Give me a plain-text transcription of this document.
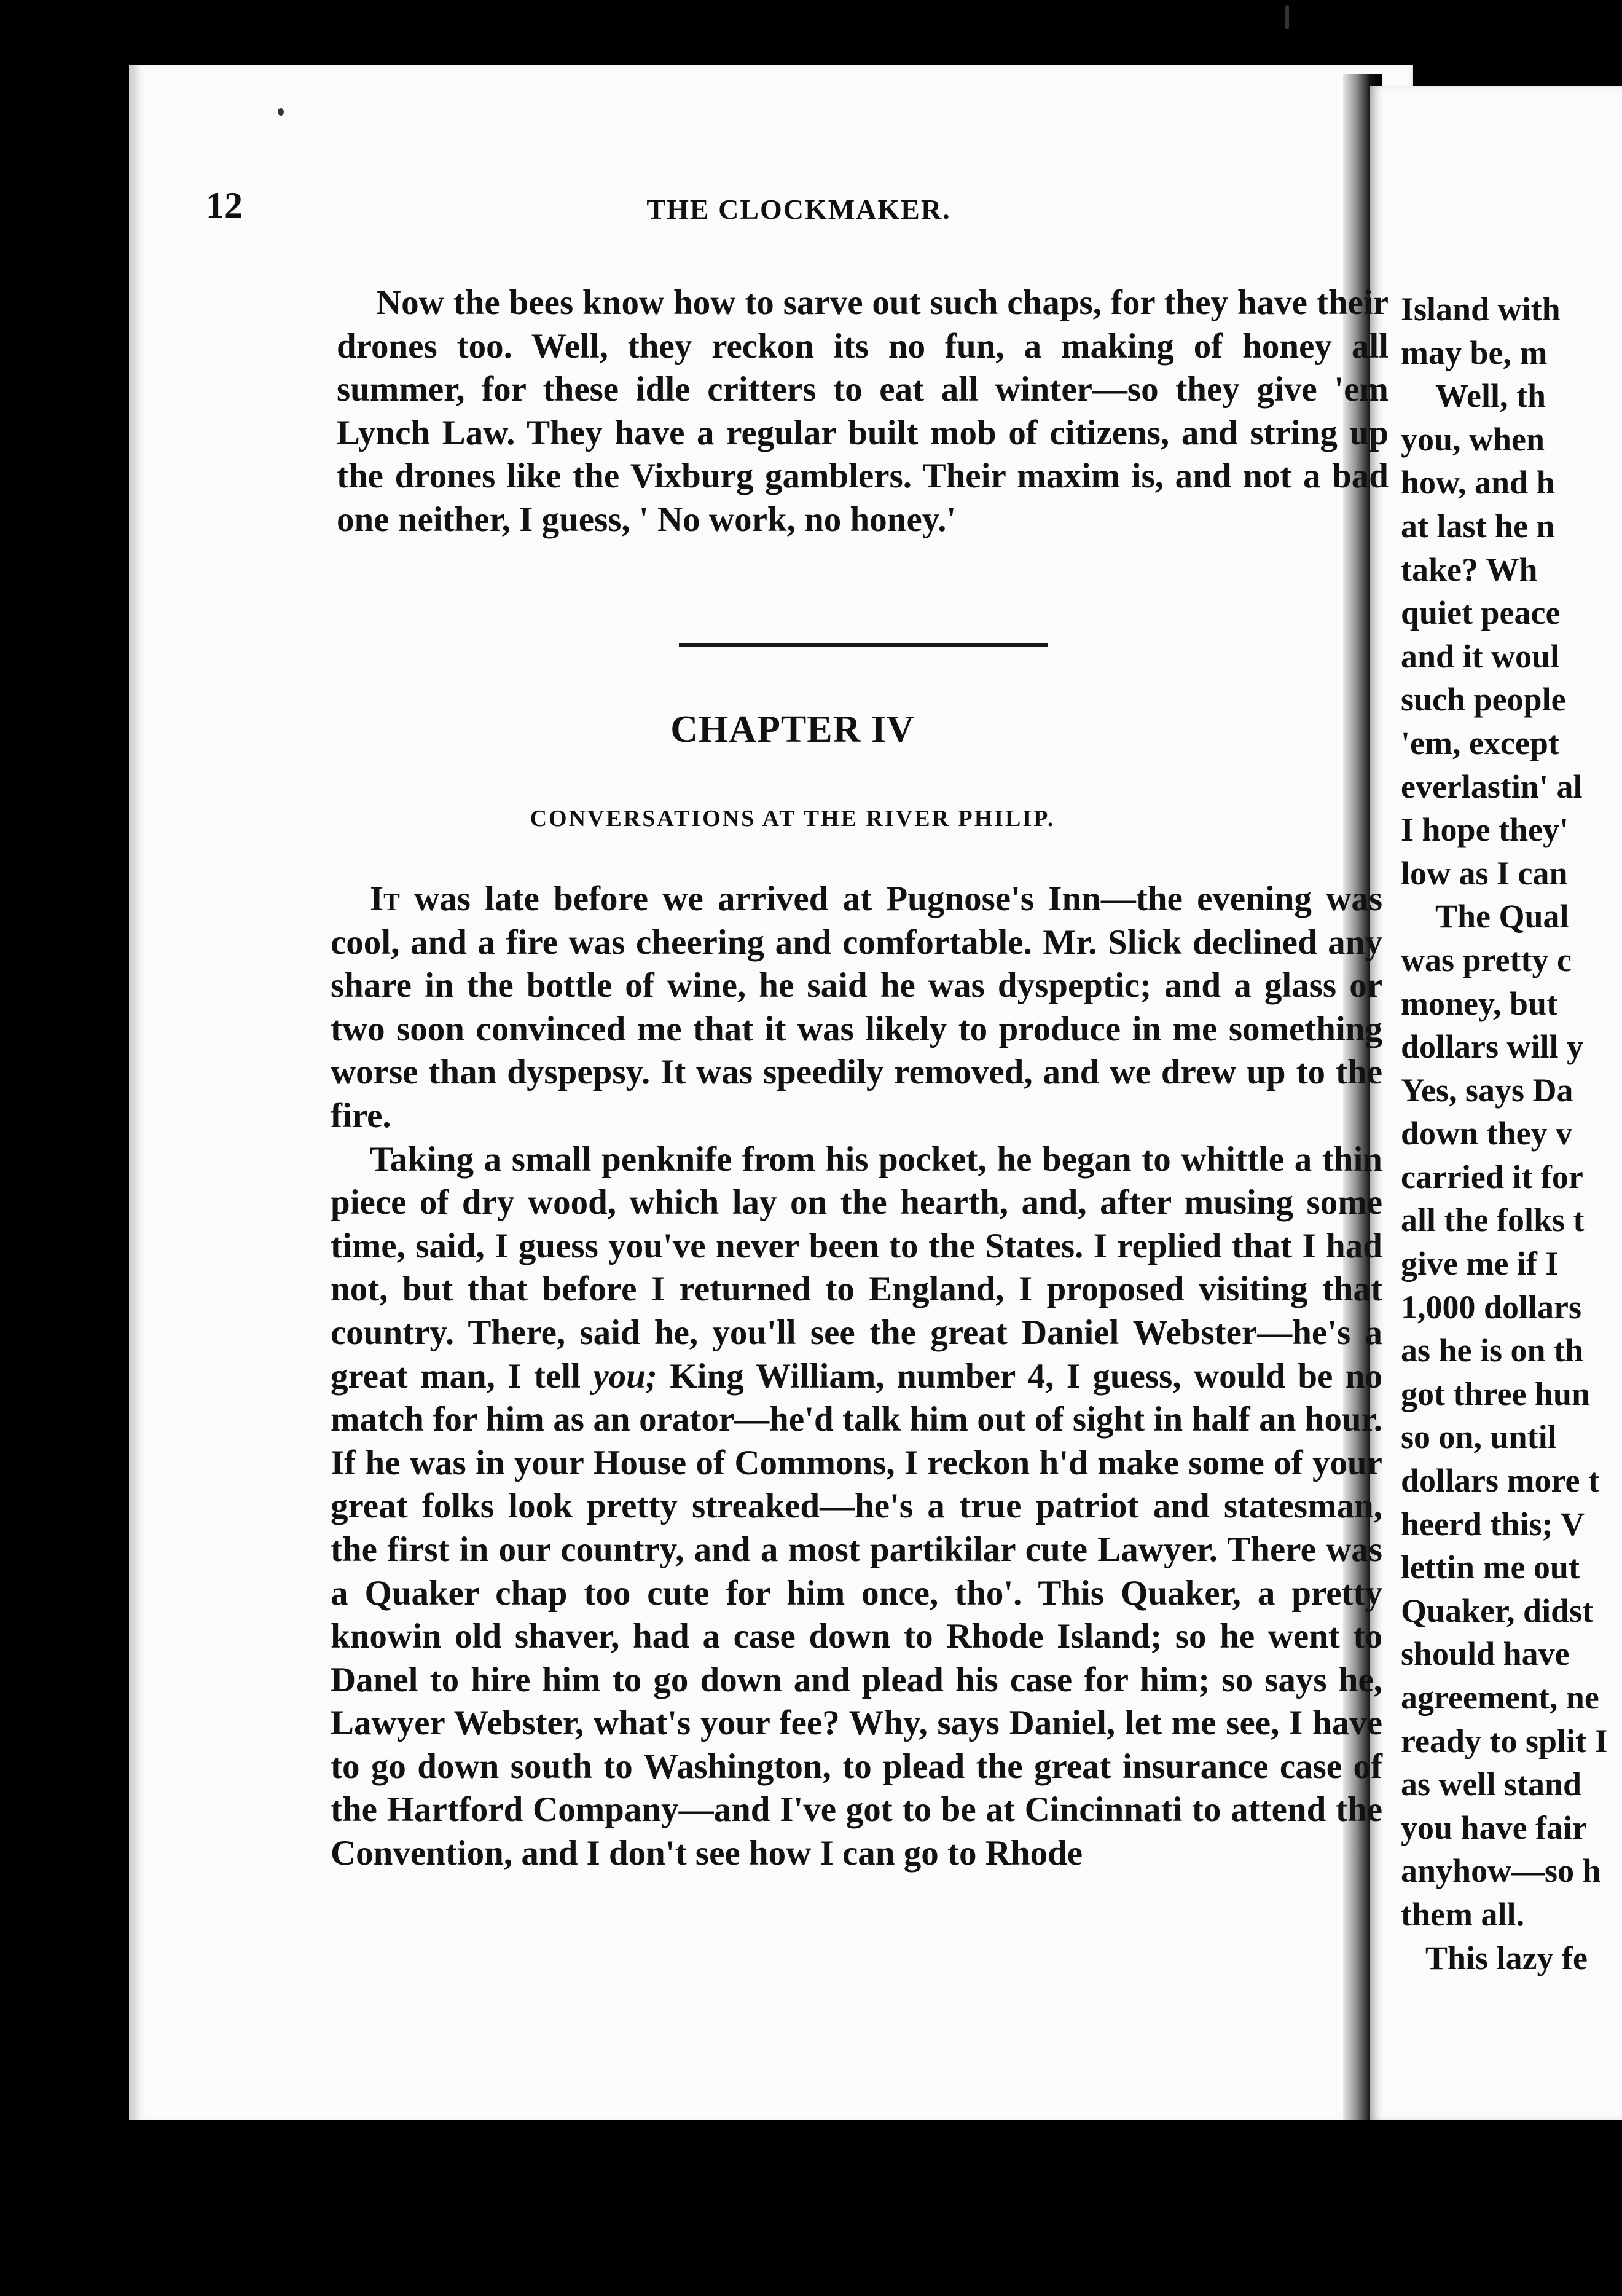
12	THE CLOCKMAKER.

Now the bees know how to sarve out such chaps, for they have their drones too. Well, they reckon its no fun, a making of honey all summer, for these idle critters to eat all winter—so they give 'em Lynch Law. They have a regular built mob of citizens, and string up the drones like the Vixburg gamblers. Their maxim is, and not a bad one neither, I guess, ' No work, no honey.'

CHAPTER IV
CONVERSATIONS AT THE RIVER PHILIP.

It was late before we arrived at Pugnose's Inn—the evening was cool, and a fire was cheering and comfortable. Mr. Slick declined any share in the bottle of wine, he said he was dyspeptic; and a glass or two soon convinced me that it was likely to produce in me something worse than dyspepsy. It was speedily removed, and we drew up to the fire.

Taking a small penknife from his pocket, he began to whittle a thin piece of dry wood, which lay on the hearth, and, after musing some time, said, I guess you've never been to the States. I replied that I had not, but that before I returned to England, I proposed visiting that country. There, said he, you'll see the great Daniel Webster—he's a great man, I tell you; King William, number 4, I guess, would be no match for him as an orator—he'd talk him out of sight in half an hour. If he was in your House of Commons, I reckon h'd make some of your great folks look pretty streaked—he's a true patriot and statesman, the first in our country, and a most partikilar cute Lawyer. There was a Quaker chap too cute for him once, tho'. This Quaker, a pretty knowin old shaver, had a case down to Rhode Island; so he went to Danel to hire him to go down and plead his case for him; so says he, Lawyer Webster, what's your fee? Why, says Daniel, let me see, I have to go down south to Washington, to plead the great insurance case of the Hartford Company—and I've got to be at Cincinnati to attend the Convention, and I don't see how I can go to Rhode

Island with
may be, m
Well, th
you, when
how, and h
at last he n
take? Wh
quiet peace
and it woul
such people
'em, except
everlastin' al
I hope they'
low as I can
The Qual
was pretty c
money, but
dollars will y
Yes, says Da
down they v
carried it for
all the folks t
give me if I
1,000 dollars
as he is on th
got three hun
so on, until
dollars more t
heerd this; V
lettin me out
Quaker, didst
should have
agreement, ne
ready to split I
as well stand
you have fair
anyhow—so h
them all.
This lazy fe
